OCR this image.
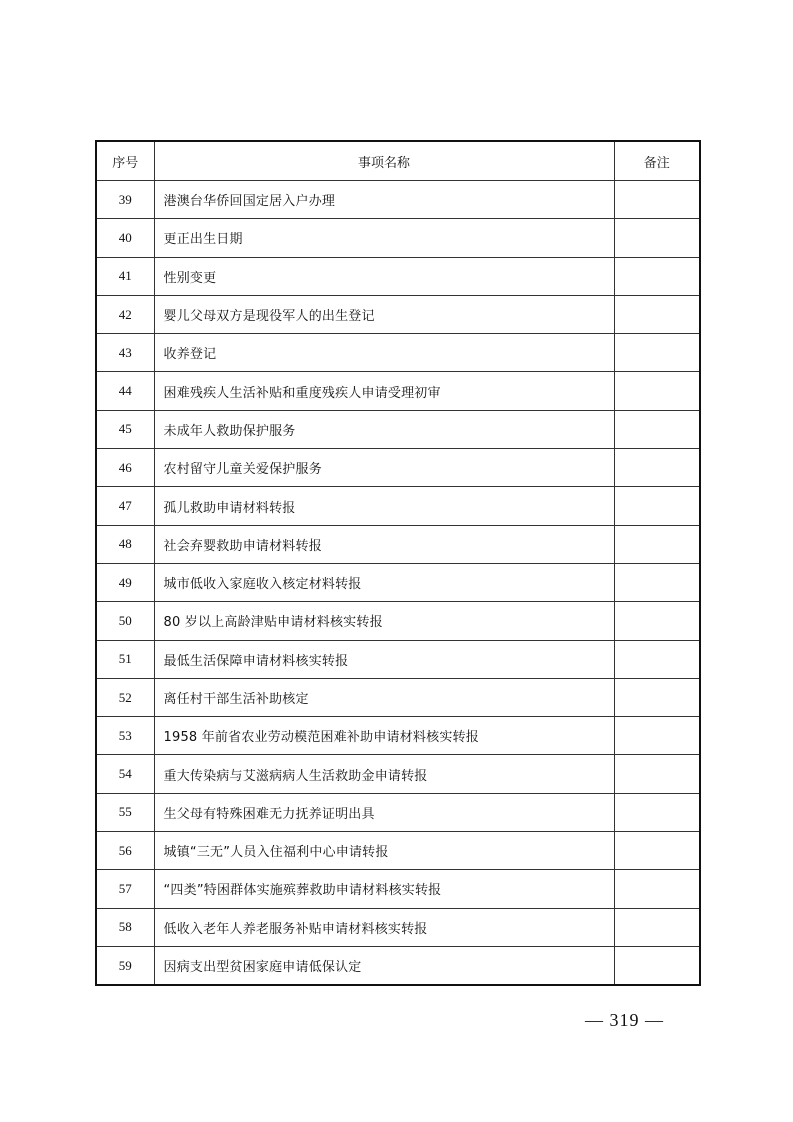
序号	事项名称	备注
39	港澳台华侨回国定居入户办理	
40	更正出生日期	
41	性别变更	
42	婴儿父母双方是现役军人的出生登记	
43	收养登记	
44	困难残疾人生活补贴和重度残疾人申请受理初审	
45	未成年人救助保护服务	
46	农村留守儿童关爱保护服务	
47	孤儿救助申请材料转报	
48	社会弃婴救助申请材料转报	
49	城市低收入家庭收入核定材料转报	
50	80 岁以上高龄津贴申请材料核实转报	
51	最低生活保障申请材料核实转报	
52	离任村干部生活补助核定	
53	1958 年前省农业劳动模范困难补助申请材料核实转报	
54	重大传染病与艾滋病病人生活救助金申请转报	
55	生父母有特殊困难无力抚养证明出具	
56	城镇“三无”人员入住福利中心申请转报	
57	“四类”特困群体实施殡葬救助申请材料核实转报	
58	低收入老年人养老服务补贴申请材料核实转报	
59	因病支出型贫困家庭申请低保认定	
— 319 —
